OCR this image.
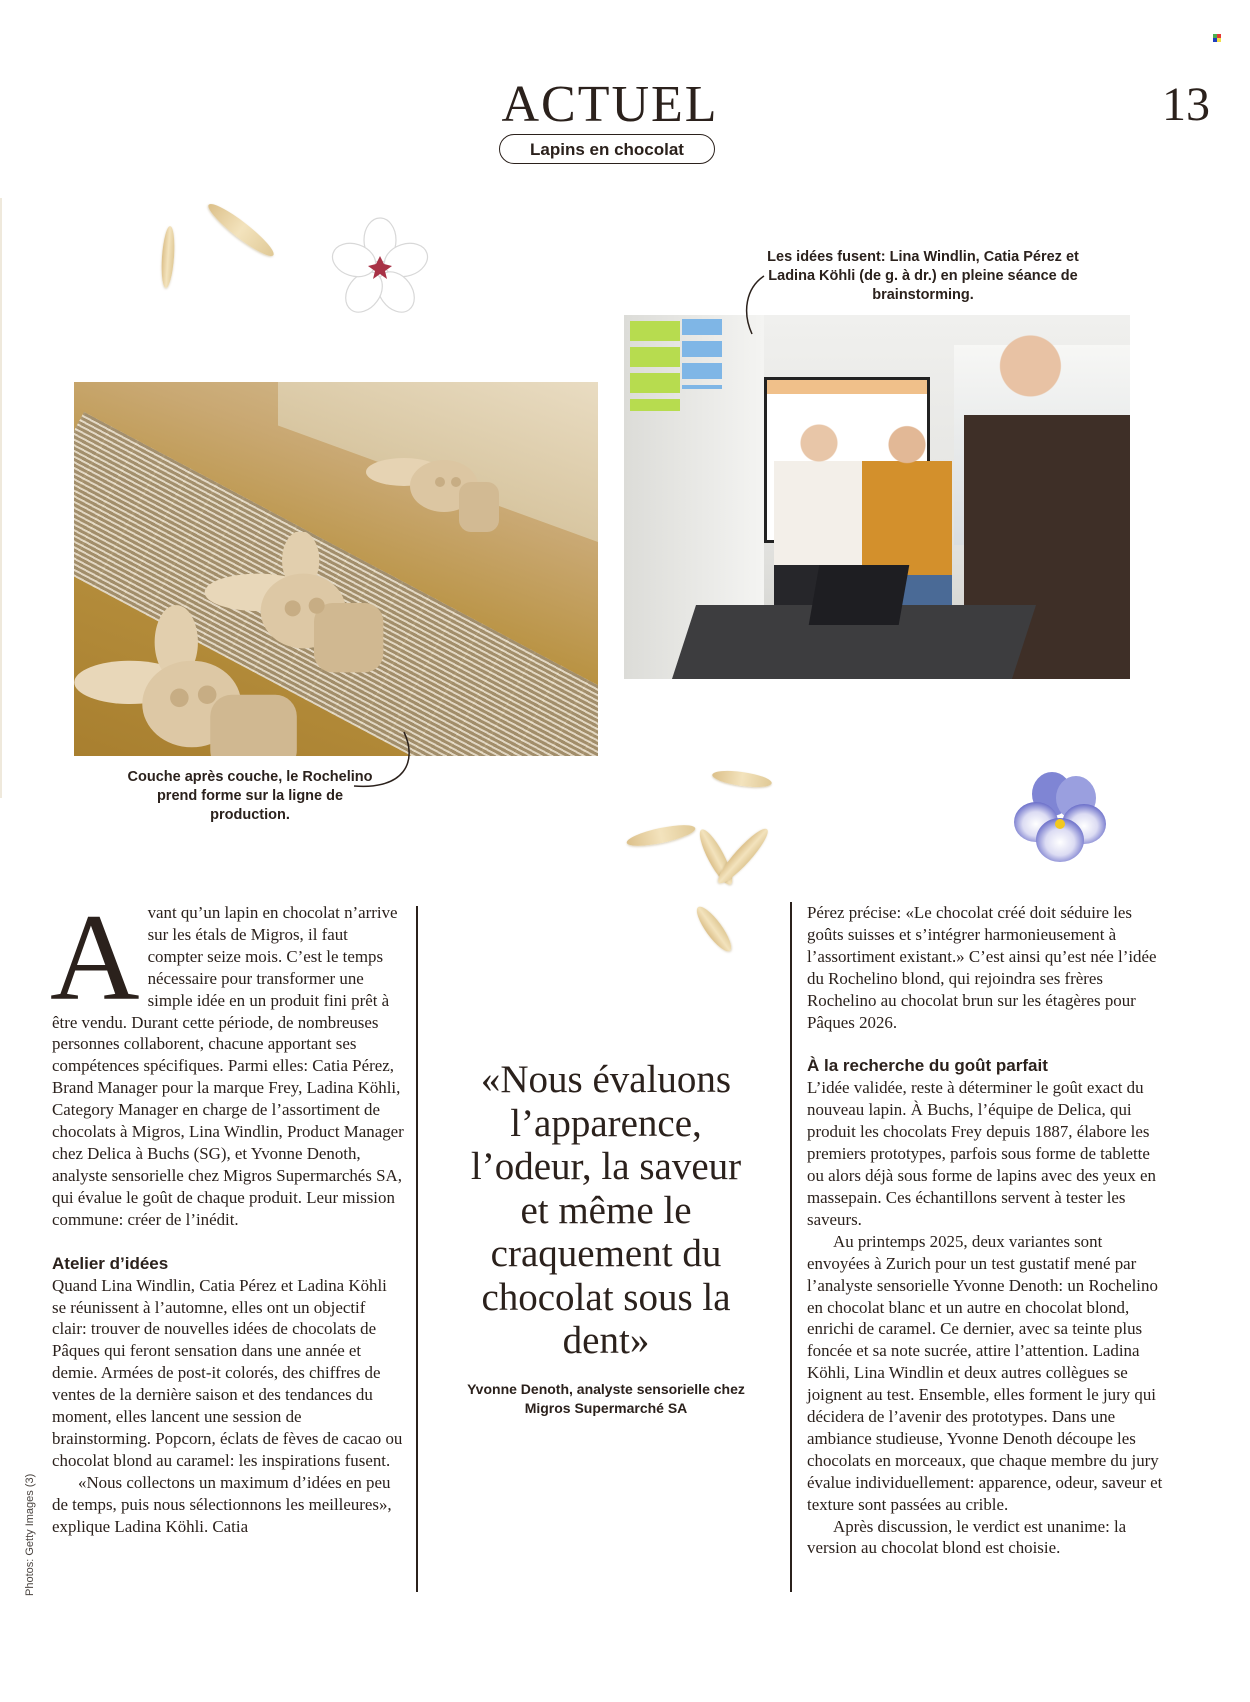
ACTUEL	13
Lapins en chocolat
Les idées fusent: Lina Windlin, Catia Pérez et Ladina Köhli (de g. à dr.) en pleine séance de brainstorming.
Couche après couche, le Rochelino prend forme sur la ligne de production.
A vant qu’un lapin en chocolat n’arrive sur les étals de Migros, il faut compter seize mois. C’est le temps nécessaire pour transformer une simple idée en un produit fini prêt à être vendu. Durant cette période, de nombreuses personnes collaborent, chacune apportant ses compétences spécifiques. Parmi elles: Catia Pérez, Brand Manager pour la marque Frey, Ladina Köhli, Category Manager en charge de l’assortiment de chocolats à Migros, Lina Windlin, Product Manager chez Delica à Buchs (SG), et Yvonne Denoth, analyste sensorielle chez Migros Supermarchés SA, qui évalue le goût de chaque produit. Leur mission commune: créer de l’inédit.

Atelier d’idées

Quand Lina Windlin, Catia Pérez et Ladina Köhli se réunissent à l’automne, elles ont un objectif clair: trouver de nouvelles idées de chocolats de Pâques qui feront sensation dans une année et demie. Armées de post-it colorés, des chiffres de ventes de la dernière saison et des tendances du moment, elles lancent une session de brainstorming. Popcorn, éclats de fèves de cacao ou chocolat blond au caramel: les inspirations fusent.

«Nous collectons un maximum d’idées en peu de temps, puis nous sélectionnons les meilleures», explique Ladina Köhli. Catia

«Nous évaluons l’apparence, l’odeur, la saveur et même le craquement du chocolat sous la dent»
Yvonne Denoth, analyste sensorielle chez Migros Supermarché SA

Pérez précise: «Le chocolat créé doit séduire les goûts suisses et s’intégrer harmonieusement à l’assortiment existant.» C’est ainsi qu’est née l’idée du Rochelino blond, qui rejoindra ses frères Rochelino au chocolat brun sur les étagères pour Pâques 2026.

À la recherche du goût parfait

L’idée validée, reste à déterminer le goût exact du nouveau lapin. À Buchs, l’équipe de Delica, qui produit les chocolats Frey depuis 1887, élabore les premiers prototypes, parfois sous forme de tablette ou alors déjà sous forme de lapins avec des yeux en massepain. Ces échantillons servent à tester les saveurs.

Au printemps 2025, deux variantes sont envoyées à Zurich pour un test gustatif mené par l’analyste sensorielle Yvonne Denoth: un Rochelino en chocolat blanc et un autre en chocolat blond, enrichi de caramel. Ce dernier, avec sa teinte plus foncée et sa note sucrée, attire l’attention. Ladina Köhli, Lina Windlin et deux autres collègues se joignent au test. Ensemble, elles forment le jury qui décidera de l’avenir des prototypes. Dans une ambiance studieuse, Yvonne Denoth découpe les chocolats en morceaux, que chaque membre du jury évalue individuellement: apparence, odeur, saveur et texture sont passées au crible.

Après discussion, le verdict est unanime: la version au chocolat blond est choisie.

Photos: Getty Images (3)
